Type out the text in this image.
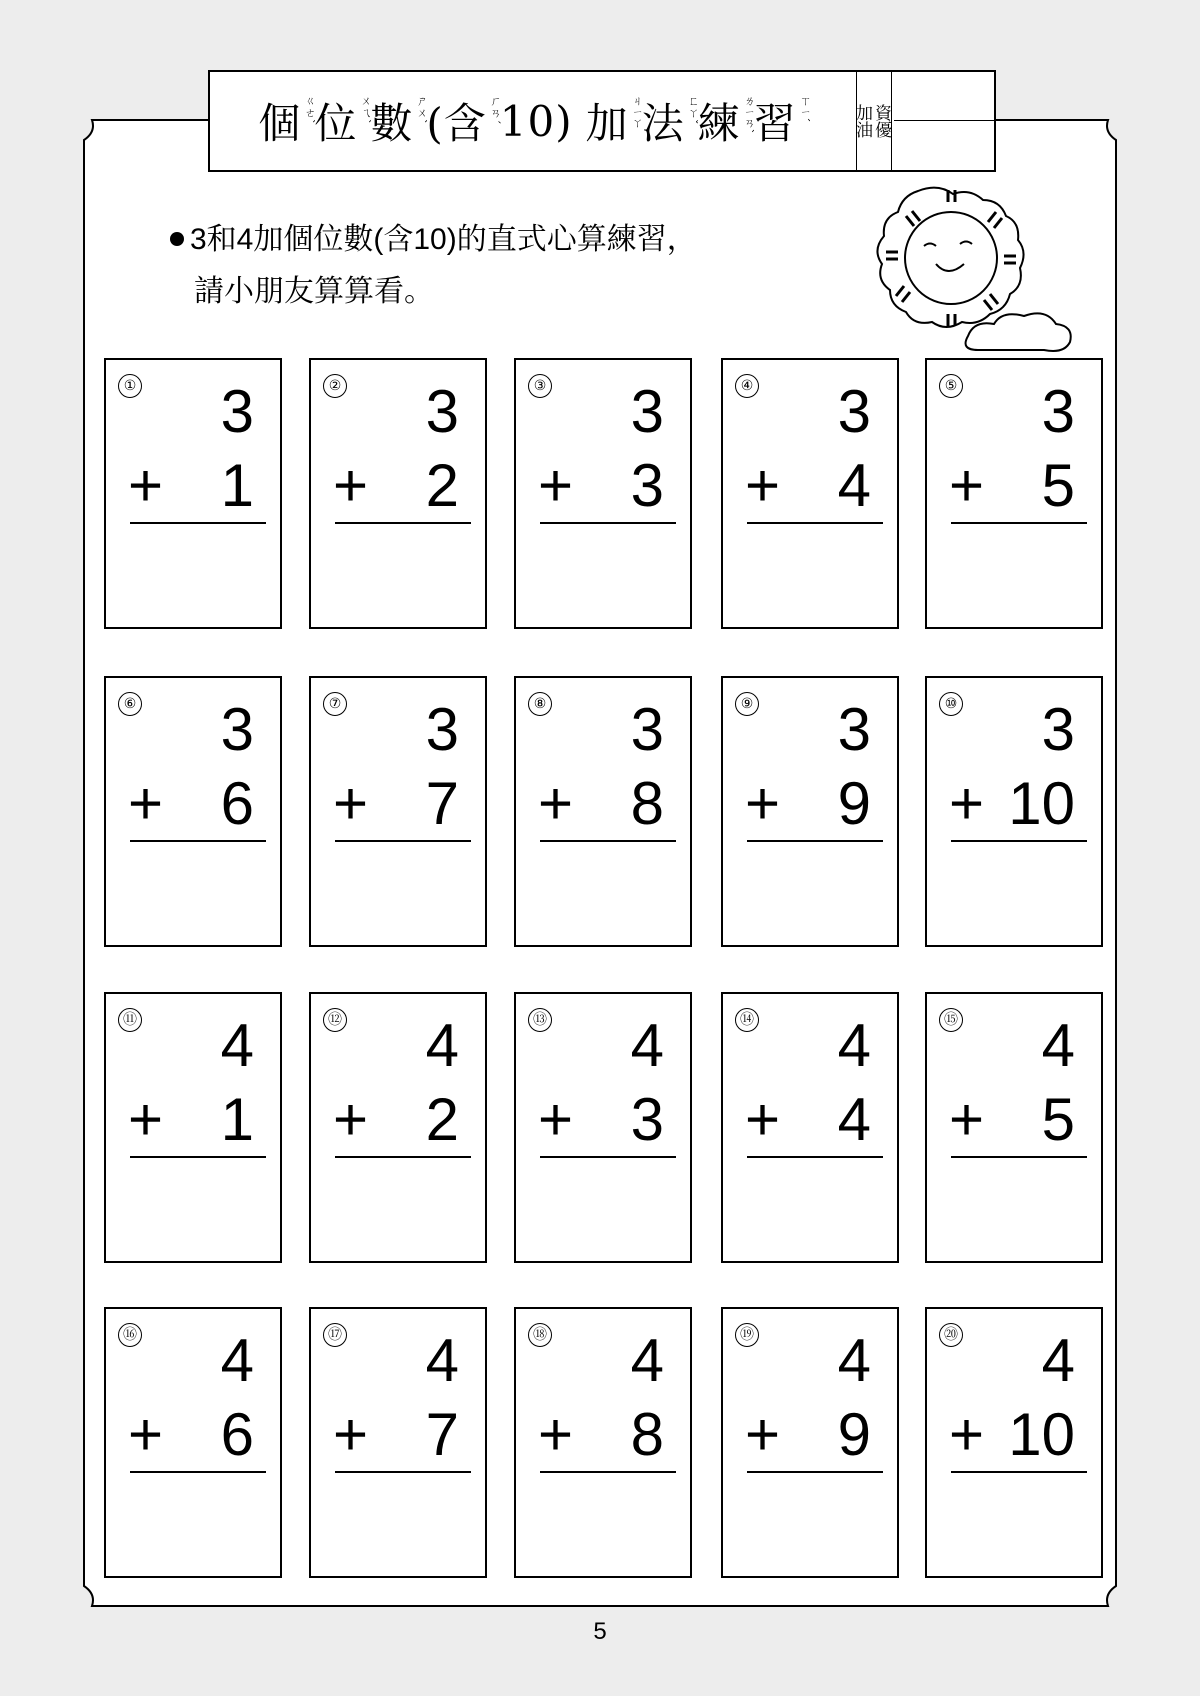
個 ㄍㄜˋ
位 ㄨㄟˋ
數 ㄕㄨˋ
(含 ㄏㄢˊ
10) 加 ㄐㄧㄚ
法 ㄈㄚˇ
練 ㄌㄧㄢˋ
習 ㄒㄧˊ	資優
加油
3和4加個位數(含10)的直式心算練習，
請小朋友算算看。
① 3
+ 1
② 3
+ 2
③ 3
+ 3
④ 3
+ 4
⑤ 3
+ 5
⑥ 3
+ 6
⑦ 3
+ 7
⑧ 3
+ 8
⑨ 3
+ 9
⑩ 3
+ 10
⑪ 4
+ 1
⑫ 4
+ 2
⑬ 4
+ 3
⑭ 4
+ 4
⑮ 4
+ 5
⑯ 4
+ 6
⑰ 4
+ 7
⑱ 4
+ 8
⑲ 4
+ 9
⑳ 4
+ 10
5
